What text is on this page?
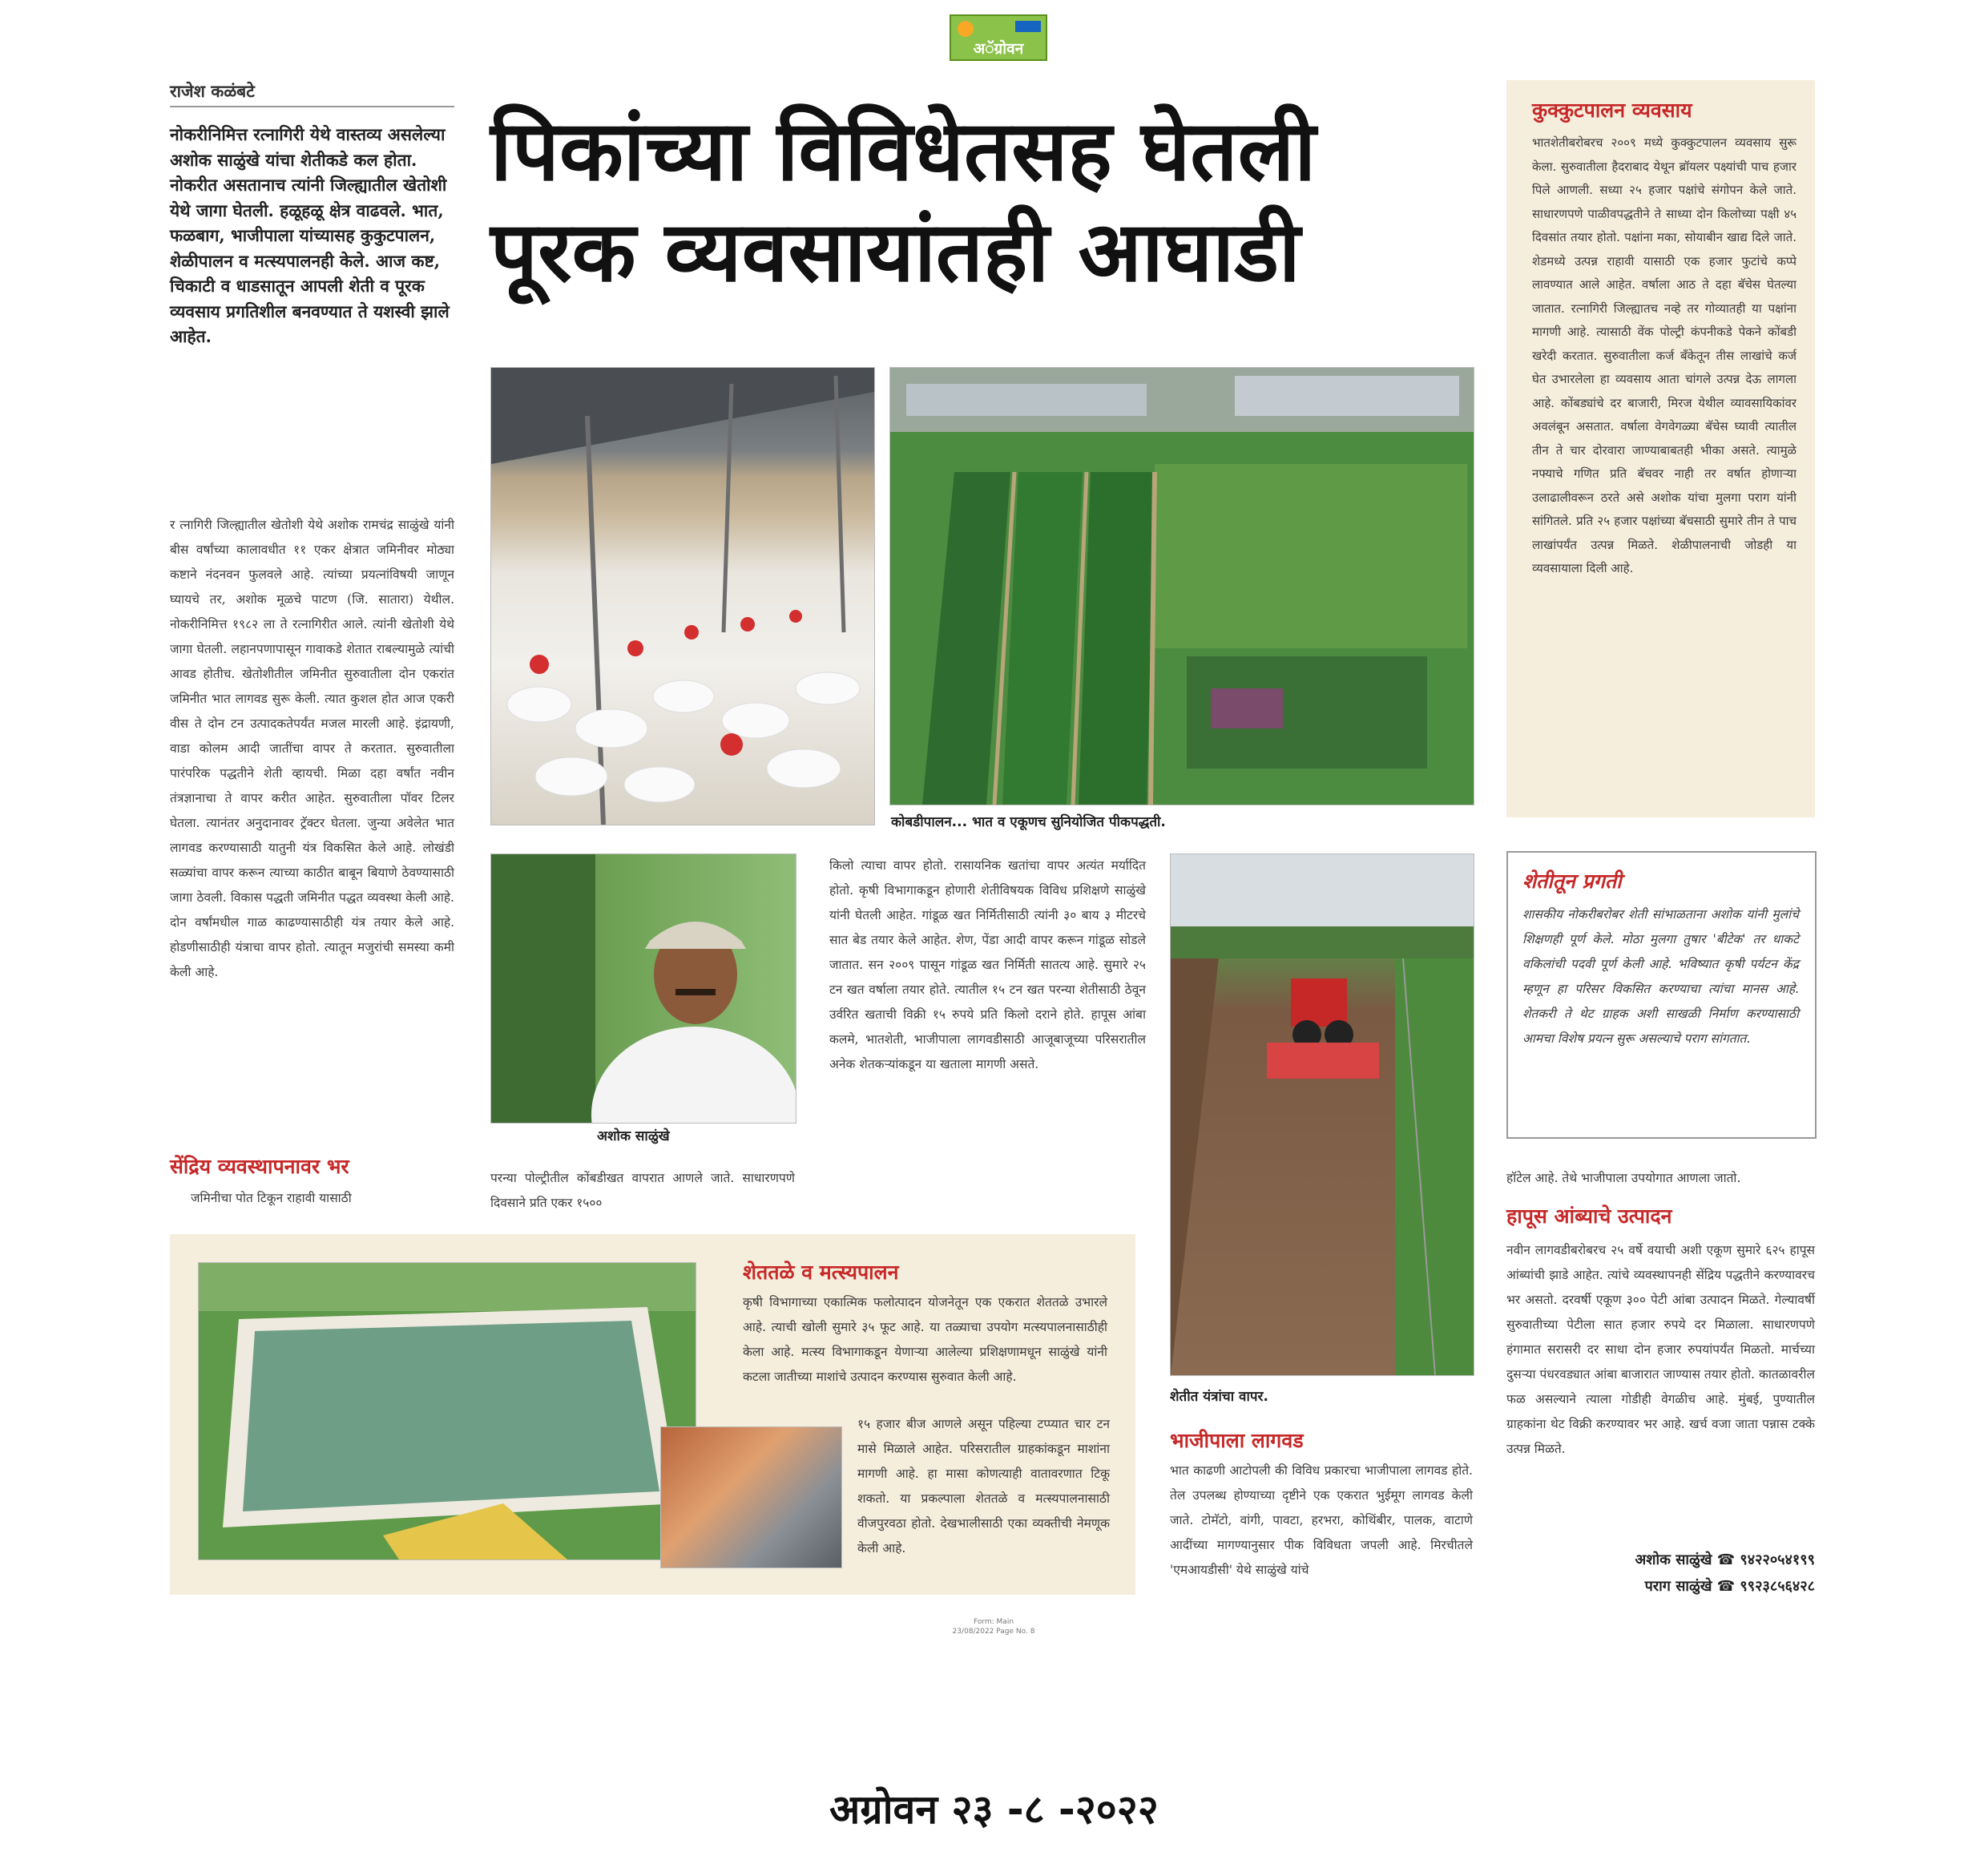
अॅग्रोवन
राजेश कळंबटे
नोकरीनिमित्त रत्नागिरी येथे वास्तव्य असलेल्या अशोक साळुंखे यांचा शेतीकडे कल होता. नोकरीत असतानाच त्यांनी जिल्ह्यातील खेतोशी येथे जागा घेतली. हळूहळू क्षेत्र वाढवले. भात, फळबाग, भाजीपाला यांच्यासह कुकुटपालन, शेळीपालन व मत्स्यपालनही केले. आज कष्ट, चिकाटी व धाडसातून आपली शेती व पूरक व्यवसाय प्रगतिशील बनवण्यात ते यशस्वी झाले आहेत.
पिकांच्या विविधेतसह घेतली
पूरक व्यवसायांतही आघाडी
र त्नागिरी जिल्ह्यातील खेतोशी येथे अशोक रामचंद्र साळुंखे यांनी बीस वर्षांच्या कालावधीत ११ एकर क्षेत्रात जमिनीवर मोठ्या कष्टाने नंदनवन फुलवले आहे. त्यांच्या प्रयत्नांविषयी जाणून घ्यायचे तर, अशोक मूळचे पाटण (जि. सातारा) येथील. नोकरीनिमित्त १९८२ ला ते रत्नागिरीत आले. त्यांनी खेतोशी येथे जागा घेतली. लहानपणापासून गावाकडे शेतात राबल्यामुळे त्यांची आवड होतीच. खेतोशीतील जमिनीत सुरुवातीला दोन एकरांत जमिनीत भात लागवड सुरू केली. त्यात कुशल होत आज एकरी वीस ते दोन टन उत्पादकतेपर्यंत मजल मारली आहे. इंद्रायणी, वाडा कोलम आदी जातींचा वापर ते करतात. सुरुवातीला पारंपरिक पद्धतीने शेती व्हायची. मिळा दहा वर्षांत नवीन तंत्रज्ञानाचा ते वापर करीत आहेत. सुरुवातीला पॉवर टिलर घेतला. त्यानंतर अनुदानावर ट्रॅक्टर घेतला. जुन्या अवेलेत भात लागवड करण्यासाठी यातुनी यंत्र विकसित केले आहे. लोखंडी सळ्यांचा वापर करून त्याच्या काठीत बाबून बियाणे ठेवण्यासाठी जागा ठेवली. विकास पद्धती जमिनीत पद्धत व्यवस्था केली आहे. दोन वर्षांमधील गाळ काढण्यासाठीही यंत्र तयार केले आहे. होडणीसाठीही यंत्राचा वापर होतो. त्यातून मजुरांची समस्या कमी केली आहे.
सेंद्रिय व्यवस्थापनावर भर
जमिनीचा पोत टिकून राहावी यासाठी
कोबडीपालन... भात व एकूणच सुनियोजित पीकपद्धती.
अशोक साळुंखे
परन्या पोल्ट्रीतील कोंबडीखत वापरात आणले जाते. साधारणपणे दिवसाने प्रति एकर १५००
किलो त्याचा वापर होतो. रासायनिक खतांचा वापर अत्यंत मर्यादित होतो. कृषी विभागाकडून होणारी शेतीविषयक विविध प्रशिक्षणे साळुंखे यांनी घेतली आहेत. गांडूळ खत निर्मितीसाठी त्यांनी ३० बाय ३ मीटरचे सात बेड तयार केले आहेत. शेण, पेंडा आदी वापर करून गांडूळ सोडले जातात. सन २००९ पासून गांडूळ खत निर्मिती सातत्य आहे. सुमारे २५ टन खत वर्षाला तयार होते. त्यातील १५ टन खत परन्या शेतीसाठी ठेवून उर्वरित खताची विक्री १५ रुपये प्रति किलो दराने होते. हापूस आंबा कलमे, भातशेती, भाजीपाला लागवडीसाठी आजूबाजूच्या परिसरातील अनेक शेतकऱ्यांकडून या खताला मागणी असते.
शेतीत यंत्रांचा वापर.
भाजीपाला लागवड
भात काढणी आटोपली की विविध प्रकारचा भाजीपाला लागवड होते. तेल उपलब्ध होण्याच्या दृष्टीने एक एकरात भुईमूग लागवड केली जाते. टोमॅटो, वांगी, पावटा, हरभरा, कोथिंबीर, पालक, वाटाणे आदींच्या मागण्यानुसार पीक विविधता जपली आहे. मिरचीतले 'एमआयडीसी' येथे साळुंखे यांचे
कुक्कुटपालन व्यवसाय
भातशेतीबरोबरच २००९ मध्ये कुक्कुटपालन व्यवसाय सुरू केला. सुरुवातीला हैदराबाद येथून ब्रॉयलर पक्ष्यांची पाच हजार पिले आणली. सध्या २५ हजार पक्षांचे संगोपन केले जाते. साधारणपणे पाळीवपद्धतीने ते साध्या दोन किलोच्या पक्षी ४५ दिवसांत तयार होतो. पक्षांना मका, सोयाबीन खाद्य दिले जाते. शेडमध्ये उत्पन्न राहावी यासाठी एक हजार फुटांचे कप्पे लावण्यात आले आहेत. वर्षाला आठ ते दहा बॅचेस घेतल्या जातात. रत्नागिरी जिल्ह्यातच नव्हे तर गोव्यातही या पक्षांना मागणी आहे. त्यासाठी वेंक पोल्ट्री कंपनीकडे पेकने कोंबडी खरेदी करतात. सुरुवातीला कर्ज बँकेतून तीस लाखांचे कर्ज घेत उभारलेला हा व्यवसाय आता चांगले उत्पन्न देऊ लागला आहे. कोंबड्यांचे दर बाजारी, मिरज येथील व्यावसायिकांवर अवलंबून असतात. वर्षाला वेगवेगळ्या बॅचेस घ्यावी त्यातील तीन ते चार दोरवारा जाण्याबाबतही भीका असते. त्यामुळे नफ्याचे गणित प्रति बॅचवर नाही तर वर्षात होणाऱ्या उलाढालीवरून ठरते असे अशोक यांचा मुलगा पराग यांनी सांगितले. प्रति २५ हजार पक्षांच्या बॅचसाठी सुमारे तीन ते पाच लाखांपर्यंत उत्पन्न मिळते. शेळीपालनाची जोडही या व्यवसायाला दिली आहे.
शेतीतून प्रगती
शासकीय नोकरीबरोबर शेती सांभाळताना अशोक यांनी मुलांचे शिक्षणही पूर्ण केले. मोठा मुलगा तुषार 'बीटेक' तर धाकटे वकिलांची पदवी पूर्ण केली आहे. भविष्यात कृषी पर्यटन केंद्र म्हणून हा परिसर विकसित करण्याचा त्यांचा मानस आहे. शेतकरी ते थेट ग्राहक अशी साखळी निर्माण करण्यासाठी आमचा विशेष प्रयत्न सुरू असल्याचे पराग सांगतात.
हॉटेल आहे. तेथे भाजीपाला उपयोगात आणला जातो.
हापूस आंब्याचे उत्पादन
नवीन लागवडीबरोबरच २५ वर्षे वयाची अशी एकूण सुमारे ६२५ हापूस आंब्यांची झाडे आहेत. त्यांचे व्यवस्थापनही सेंद्रिय पद्धतीने करण्यावरच भर असतो. दरवर्षी एकूण ३०० पेटी आंबा उत्पादन मिळते. गेल्यावर्षी सुरुवातीच्या पेटीला सात हजार रुपये दर मिळाला. साधारणपणे हंगामात सरासरी दर साधा दोन हजार रुपयांपर्यंत मिळतो. मार्चच्या दुसऱ्या पंधरवड्यात आंबा बाजारात जाण्यास तयार होतो. कातळावरील फळ असल्याने त्याला गोडीही वेगळीच आहे. मुंबई, पुण्यातील ग्राहकांना थेट विक्री करण्यावर भर आहे. खर्च वजा जाता पन्नास टक्के उत्पन्न मिळते.
अशोक साळुंखे ☎ ९४२२०५४१९९
पराग साळुंखे ☎ ९९२३८५६४२८
शेततळे व मत्स्यपालन
कृषी विभागाच्या एकात्मिक फलोत्पादन योजनेतून एक एकरात शेततळे उभारले आहे. त्याची खोली सुमारे ३५ फूट आहे. या तळ्याचा उपयोग मत्स्यपालनासाठीही केला आहे. मत्स्य विभागाकडून येणाऱ्या आलेल्या प्रशिक्षणामधून साळुंखे यांनी कटला जातीच्या माशांचे उत्पादन करण्यास सुरुवात केली आहे.
१५ हजार बीज आणले असून पहिल्या टप्प्यात चार टन मासे मिळाले आहेत. परिसरातील ग्राहकांकडून माशांना मागणी आहे. हा मासा कोणत्याही वातावरणात टिकू शकतो. या प्रकल्पाला शेततळे व मत्स्यपालनासाठी वीजपुरवठा होतो. देखभालीसाठी एका व्यक्तीची नेमणूक केली आहे.
Form: Main
23/08/2022 Page No. 8
अग्रोवन २३ -८ -२०२२
